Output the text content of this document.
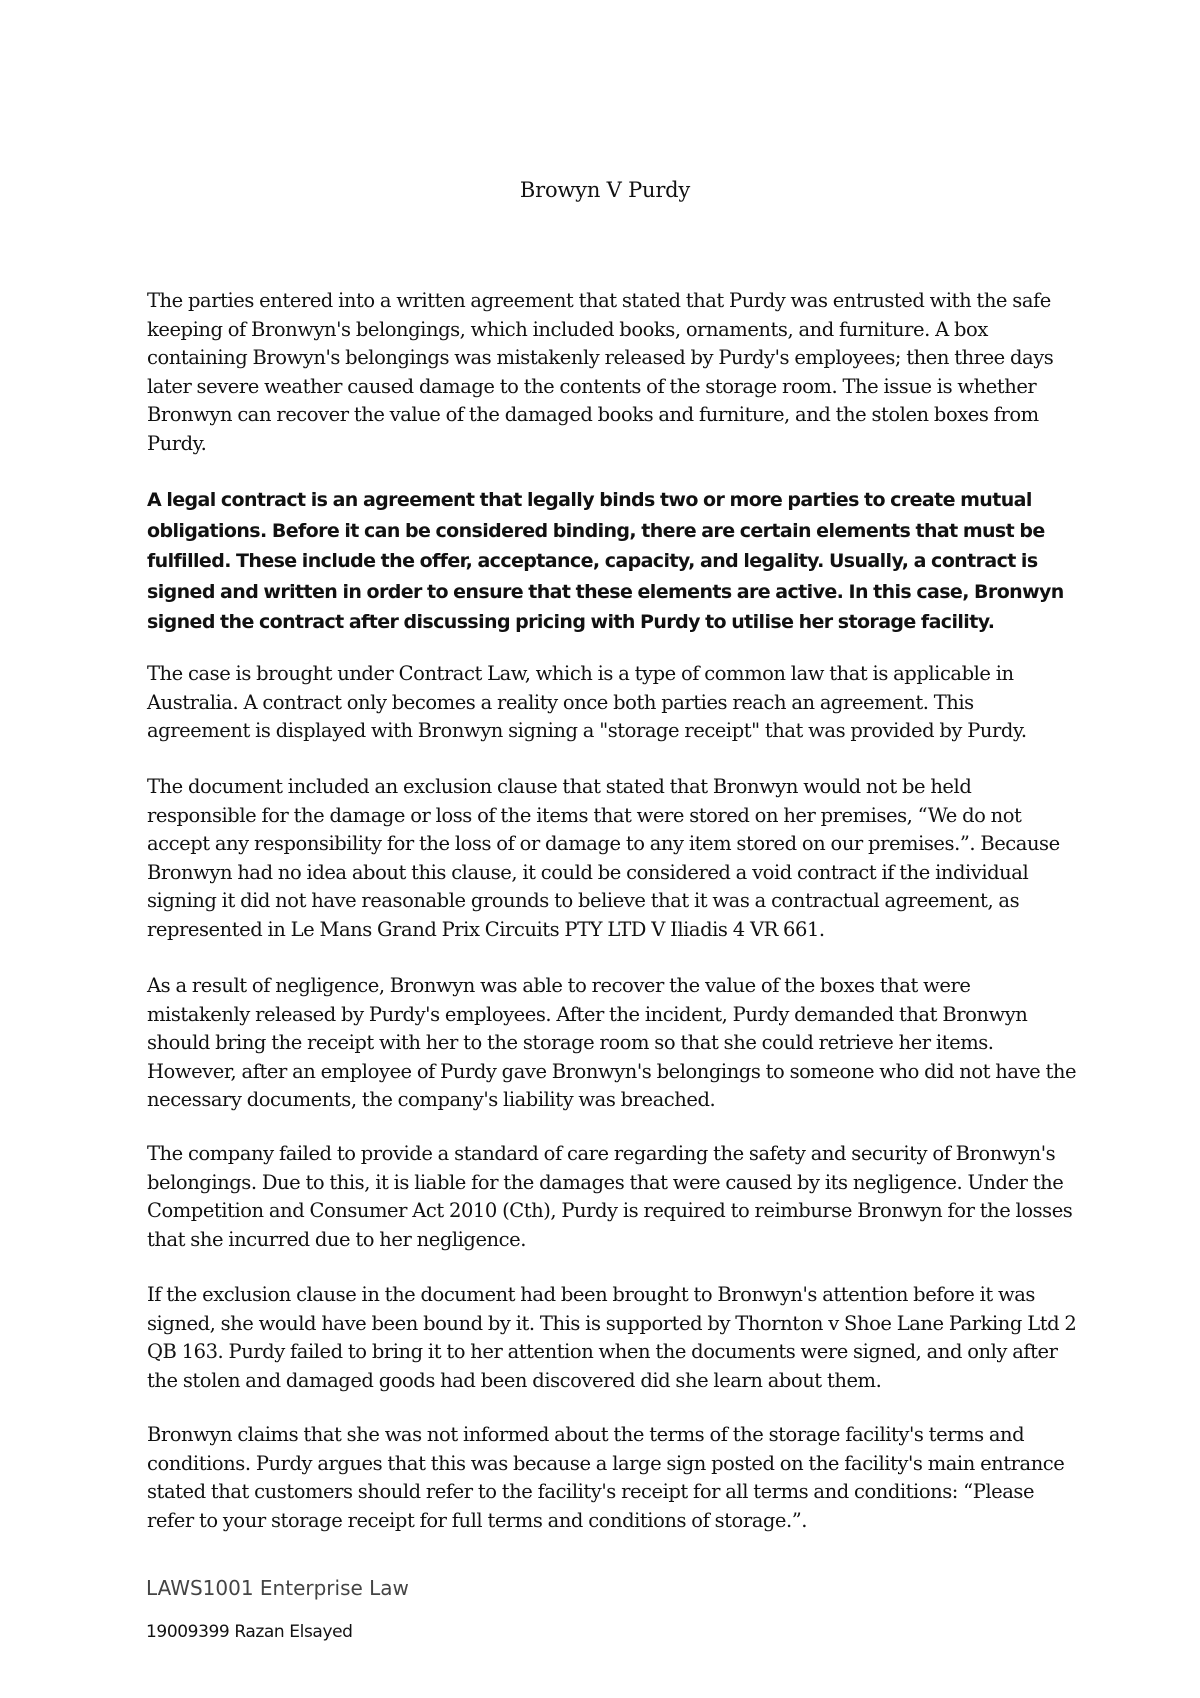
Browyn V Purdy

The parties entered into a written agreement that stated that Purdy was entrusted with the safe keeping of Bronwyn's belongings, which included books, ornaments, and furniture. A box containing Browyn's belongings was mistakenly released by Purdy's employees; then three days later severe weather caused damage to the contents of the storage room. The issue is whether Bronwyn can recover the value of the damaged books and furniture, and the stolen boxes from Purdy.

A legal contract is an agreement that legally binds two or more parties to create mutual obligations. Before it can be considered binding, there are certain elements that must be fulfilled. These include the offer, acceptance, capacity, and legality. Usually, a contract is signed and written in order to ensure that these elements are active. In this case, Bronwyn signed the contract after discussing pricing with Purdy to utilise her storage facility.

The case is brought under Contract Law, which is a type of common law that is applicable in Australia. A contract only becomes a reality once both parties reach an agreement. This agreement is displayed with Bronwyn signing a "storage receipt" that was provided by Purdy.

The document included an exclusion clause that stated that Bronwyn would not be held responsible for the damage or loss of the items that were stored on her premises, “We do not accept any responsibility for the loss of or damage to any item stored on our premises.”. Because Bronwyn had no idea about this clause, it could be considered a void contract if the individual signing it did not have reasonable grounds to believe that it was a contractual agreement, as represented in Le Mans Grand Prix Circuits PTY LTD V Iliadis 4 VR 661.

As a result of negligence, Bronwyn was able to recover the value of the boxes that were mistakenly released by Purdy's employees. After the incident, Purdy demanded that Bronwyn should bring the receipt with her to the storage room so that she could retrieve her items. However, after an employee of Purdy gave Bronwyn's belongings to someone who did not have the necessary documents, the company's liability was breached.

The company failed to provide a standard of care regarding the safety and security of Bronwyn's belongings. Due to this, it is liable for the damages that were caused by its negligence. Under the Competition and Consumer Act 2010 (Cth), Purdy is required to reimburse Bronwyn for the losses that she incurred due to her negligence.

If the exclusion clause in the document had been brought to Bronwyn's attention before it was signed, she would have been bound by it. This is supported by Thornton v Shoe Lane Parking Ltd 2 QB 163. Purdy failed to bring it to her attention when the documents were signed, and only after the stolen and damaged goods had been discovered did she learn about them.

Bronwyn claims that she was not informed about the terms of the storage facility's terms and conditions. Purdy argues that this was because a large sign posted on the facility's main entrance stated that customers should refer to the facility's receipt for all terms and conditions: “Please refer to your storage receipt for full terms and conditions of storage.”.

LAWS1001 Enterprise Law
19009399 Razan Elsayed
